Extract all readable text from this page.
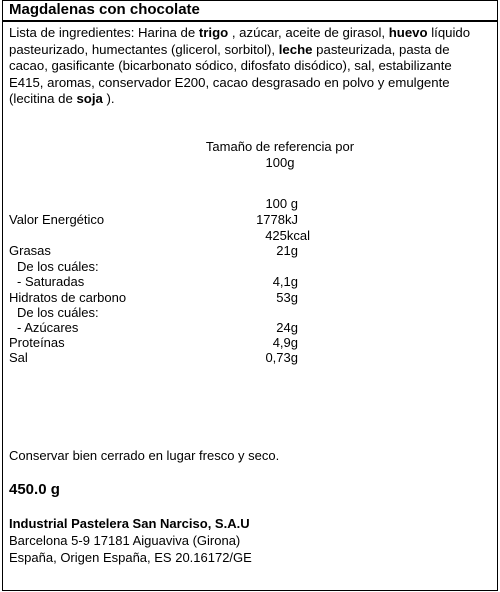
Magdalenas con chocolate
Lista de ingredientes: Harina de trigo , azúcar, aceite de girasol, huevo líquido pasteurizado, humectantes (glicerol, sorbitol), leche pasteurizada, pasta de cacao, gasificante (bicarbonato sódico, difosfato disódico), sal, estabilizante E415, aromas, conservador E200, cacao desgrasado en polvo y emulgente (lecitina de soja ).
Tamaño de referencia por
100g
100 g
Valor Energético	1778kJ
425kcal
Grasas	21g
De los cuáles:
- Saturadas	4,1g
Hidratos de carbono	53g
De los cuáles:
- Azúcares	24g
Proteínas	4,9g
Sal	0,73g
Conservar bien cerrado en lugar fresco y seco.
450.0 g
Industrial Pastelera San Narciso, S.A.U
Barcelona 5-9 17181 Aiguaviva (Girona)
España, Origen España, ES 20.16172/GE
